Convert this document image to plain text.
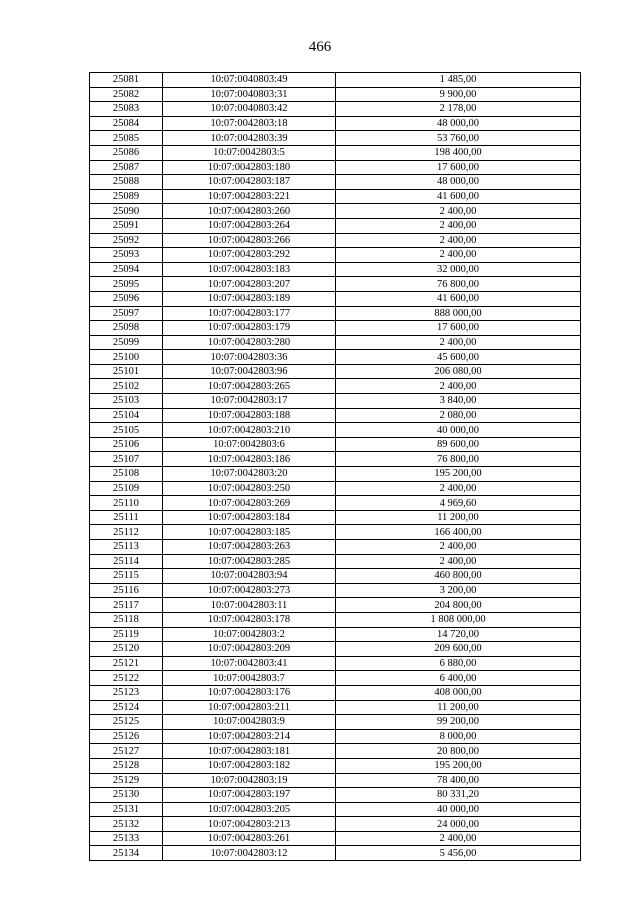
466
25081	10:07:0040803:49	1 485,00
25082	10:07:0040803:31	9 900,00
25083	10:07:0040803:42	2 178,00
25084	10:07:0042803:18	48 000,00
25085	10:07:0042803:39	53 760,00
25086	10:07:0042803:5	198 400,00
25087	10:07:0042803:180	17 600,00
25088	10:07:0042803:187	48 000,00
25089	10:07:0042803:221	41 600,00
25090	10:07:0042803:260	2 400,00
25091	10:07:0042803:264	2 400,00
25092	10:07:0042803:266	2 400,00
25093	10:07:0042803:292	2 400,00
25094	10:07:0042803:183	32 000,00
25095	10:07:0042803:207	76 800,00
25096	10:07:0042803:189	41 600,00
25097	10:07:0042803:177	888 000,00
25098	10:07:0042803:179	17 600,00
25099	10:07:0042803:280	2 400,00
25100	10:07:0042803:36	45 600,00
25101	10:07:0042803:96	206 080,00
25102	10:07:0042803:265	2 400,00
25103	10:07:0042803:17	3 840,00
25104	10:07:0042803:188	2 080,00
25105	10:07:0042803:210	40 000,00
25106	10:07:0042803:6	89 600,00
25107	10:07:0042803:186	76 800,00
25108	10:07:0042803:20	195 200,00
25109	10:07:0042803:250	2 400,00
25110	10:07:0042803:269	4 969,60
25111	10:07:0042803:184	11 200,00
25112	10:07:0042803:185	166 400,00
25113	10:07:0042803:263	2 400,00
25114	10:07:0042803:285	2 400,00
25115	10:07:0042803:94	460 800,00
25116	10:07:0042803:273	3 200,00
25117	10:07:0042803:11	204 800,00
25118	10:07:0042803:178	1 808 000,00
25119	10:07:0042803:2	14 720,00
25120	10:07:0042803:209	209 600,00
25121	10:07:0042803:41	6 880,00
25122	10:07:0042803:7	6 400,00
25123	10:07:0042803:176	408 000,00
25124	10:07:0042803:211	11 200,00
25125	10:07:0042803:9	99 200,00
25126	10:07:0042803:214	8 000,00
25127	10:07:0042803:181	20 800,00
25128	10:07:0042803:182	195 200,00
25129	10:07:0042803:19	78 400,00
25130	10:07:0042803:197	80 331,20
25131	10:07:0042803:205	40 000,00
25132	10:07:0042803:213	24 000,00
25133	10:07:0042803:261	2 400,00
25134	10:07:0042803:12	5 456,00
